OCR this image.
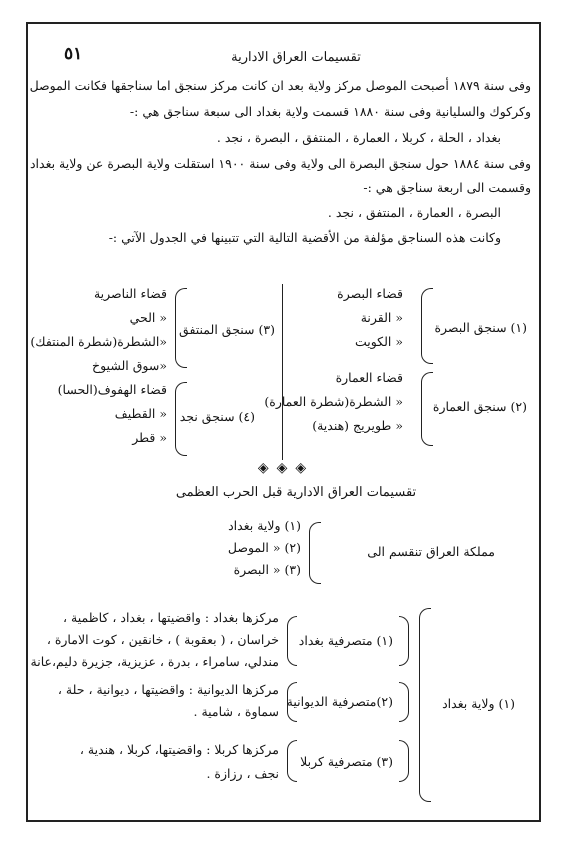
٥١	تقسيمات العراق الادارية
وفى سنة ١٨٧٩ أصبحت الموصل مركز ولاية بعد ان كانت مركز سنجق اما سناجقها فكانت الموصل
وكركوك والسليانية وفى سنة ١٨٨٠ قسمت ولاية بغداد الى سبعة سناجق هي :-
بغداد ، الحلة ، كربلا ، العمارة ، المنتفق ، البصرة ، نجد .
وفى سنة ١٨٨٤ حول سنجق البصرة الى ولاية وفى سنة ١٩٠٠ استقلت ولاية البصرة عن ولاية بغداد
وقسمت الى اربعة سناجق هي :-
البصرة ، العمارة ، المنتفق ، نجد .
وكانت هذه السناجق مؤلفة من الأقضية التالية التي تتبينها في الجدول الآتي :-
(١) سنجق البصرة
قضاء البصرة
« القرنة
« الكويت
(٢) سنجق العمارة
قضاء العمارة
« الشطرة(شطرة العمارة)
« طويريج (هندية)
(٣) سنجق المنتفق
قضاء الناصرية
« الحي
«الشطرة(شطرة المنتفك)
«سوق الشيوخ
(٤) سنجق نجد
قضاء الهفوف(الحسا)
« القطيف
« قطر
◈◈◈
تقسيمات العراق الادارية قبل الحرب العظمى
مملكة العراق تنقسم الى
(١) ولاية بغداد
(٢) « الموصل
(٣) « البصرة
(١) ولاية بغداد
(١) متصرفية بغداد
مركزها بغداد : واقضيتها ، بغداد ، كاظمية ،
خراسان ، ( بعقوبة ) ، خانقين ، كوت الامارة ،
مندلي، سامراء ، بدرة ، عزيزية، جزيرة دليم،عانة
(٢)متصرفية الديوانية
مركزها الديوانية : واقضيتها ، ديوانية ، حلة ،
سماوة ، شامية .
(٣) متصرفية كربلا
مركزها كربلا : واقضيتها، كربلا ، هندية ،
نجف ، رزازة .
